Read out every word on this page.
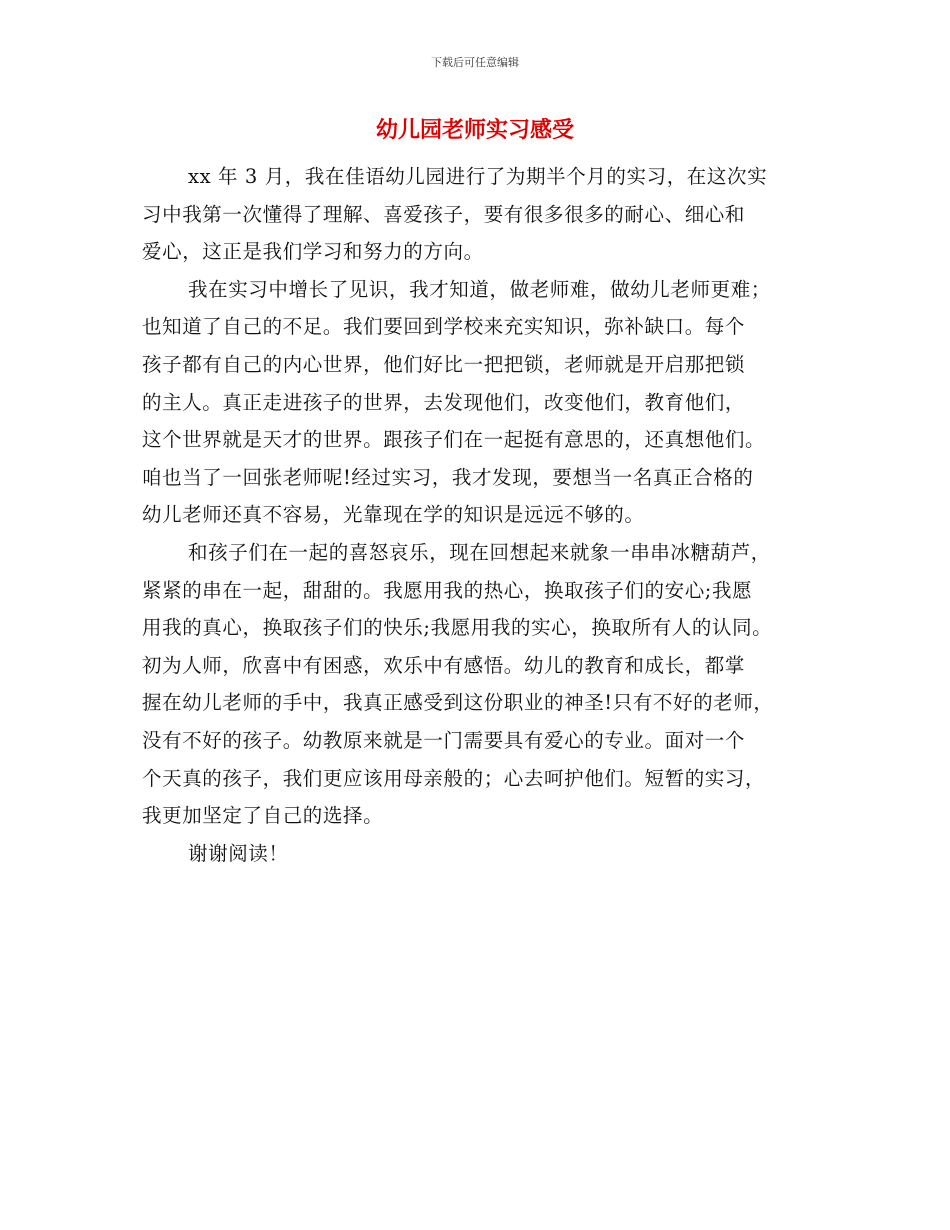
下载后可任意编辑
幼儿园老师实习感受
xx 年 3 月，我在佳语幼儿园进行了为期半个月的实习，在这次实
习中我第一次懂得了理解、喜爱孩子，要有很多很多的耐心、细心和
爱心，这正是我们学习和努力的方向。
我在实习中增长了见识，我才知道，做老师难，做幼儿老师更难；
也知道了自己的不足。我们要回到学校来充实知识，弥补缺口。每个
孩子都有自己的内心世界，他们好比一把把锁，老师就是开启那把锁
的主人。真正走进孩子的世界，去发现他们，改变他们，教育他们，
这个世界就是天才的世界。跟孩子们在一起挺有意思的，还真想他们。
咱也当了一回张老师呢!经过实习，我才发现，要想当一名真正合格的
幼儿老师还真不容易，光靠现在学的知识是远远不够的。
和孩子们在一起的喜怒哀乐，现在回想起来就象一串串冰糖葫芦，
紧紧的串在一起，甜甜的。我愿用我的热心，换取孩子们的安心;我愿
用我的真心，换取孩子们的快乐;我愿用我的实心，换取所有人的认同。
初为人师，欣喜中有困惑，欢乐中有感悟。幼儿的教育和成长，都掌
握在幼儿老师的手中，我真正感受到这份职业的神圣!只有不好的老师，
没有不好的孩子。幼教原来就是一门需要具有爱心的专业。面对一个
个天真的孩子，我们更应该用母亲般的；心去呵护他们。短暂的实习，
我更加坚定了自己的选择。
谢谢阅读！
